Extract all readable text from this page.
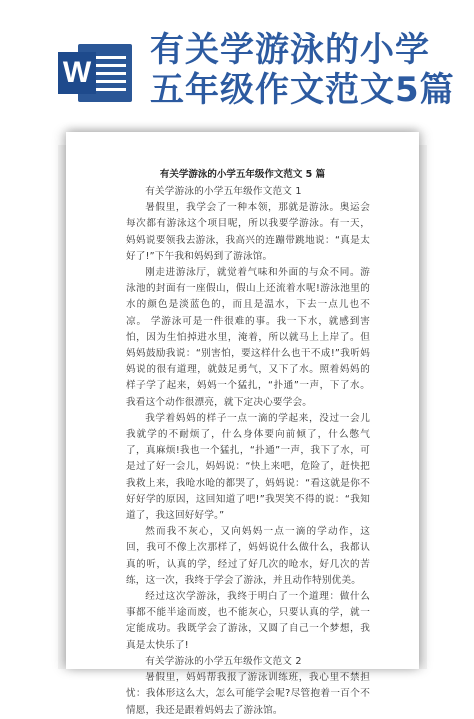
W
有关学游泳的小学
五年级作文范文5篇
有关学游泳的小学五年级作文范文 5 篇

有关学游泳的小学五年级作文范文 1

暑假里，我学会了一种本领，那就是游泳。奥运会每次都有游泳这个项目呢，所以我要学游泳。有一天，妈妈说要领我去游泳，我高兴的连蹦带跳地说：“真是太好了!”下午我和妈妈到了游泳馆。

刚走进游泳厅，就觉着气味和外面的与众不同。游泳池的封面有一座假山，假山上还流着水呢!游泳池里的水的颜色是淡蓝色的，而且是温水，下去一点儿也不凉。 学游泳可是一件很难的事。我一下水，就感到害怕，因为生怕掉进水里，淹着，所以就马上上岸了。但妈妈鼓励我说：“别害怕，要这样什么也干不成!”我听妈妈说的很有道理，就鼓足勇气，又下了水。照着妈妈的样子学了起来，妈妈一个猛扎，“扑通”一声，下了水。我看这个动作很漂亮，就下定决心要学会。

我学着妈妈的样子一点一滴的学起来，没过一会儿我就学的不耐烦了，什么身体要向前倾了，什么憋气了，真麻烦!我也一个猛扎，“扑通”一声，我下了水，可是过了好一会儿，妈妈说：“快上来吧，危险了，赶快把我救上来，我呛水呛的都哭了，妈妈说：“看这就是你不好好学的原因，这回知道了吧!”我哭笑不得的说：“我知道了，我这回好好学。”

然而我不灰心，又向妈妈一点一滴的学动作，这回，我可不像上次那样了，妈妈说什么做什么，我都认真的听，认真的学，经过了好几次的呛水，好几次的苦练，这一次，我终于学会了游泳，并且动作特别优美。

经过这次学游泳，我终于明白了一个道理：做什么事都不能半途而废，也不能灰心，只要认真的学，就一定能成功。我既学会了游泳，又圆了自己一个梦想，我真是太快乐了!

有关学游泳的小学五年级作文范文 2

暑假里，妈妈帮我报了游泳训练班，我心里不禁担忧：我体形这么大，怎么可能学会呢?尽管抱着一百个不情愿，我还是跟着妈妈去了游泳馆。
